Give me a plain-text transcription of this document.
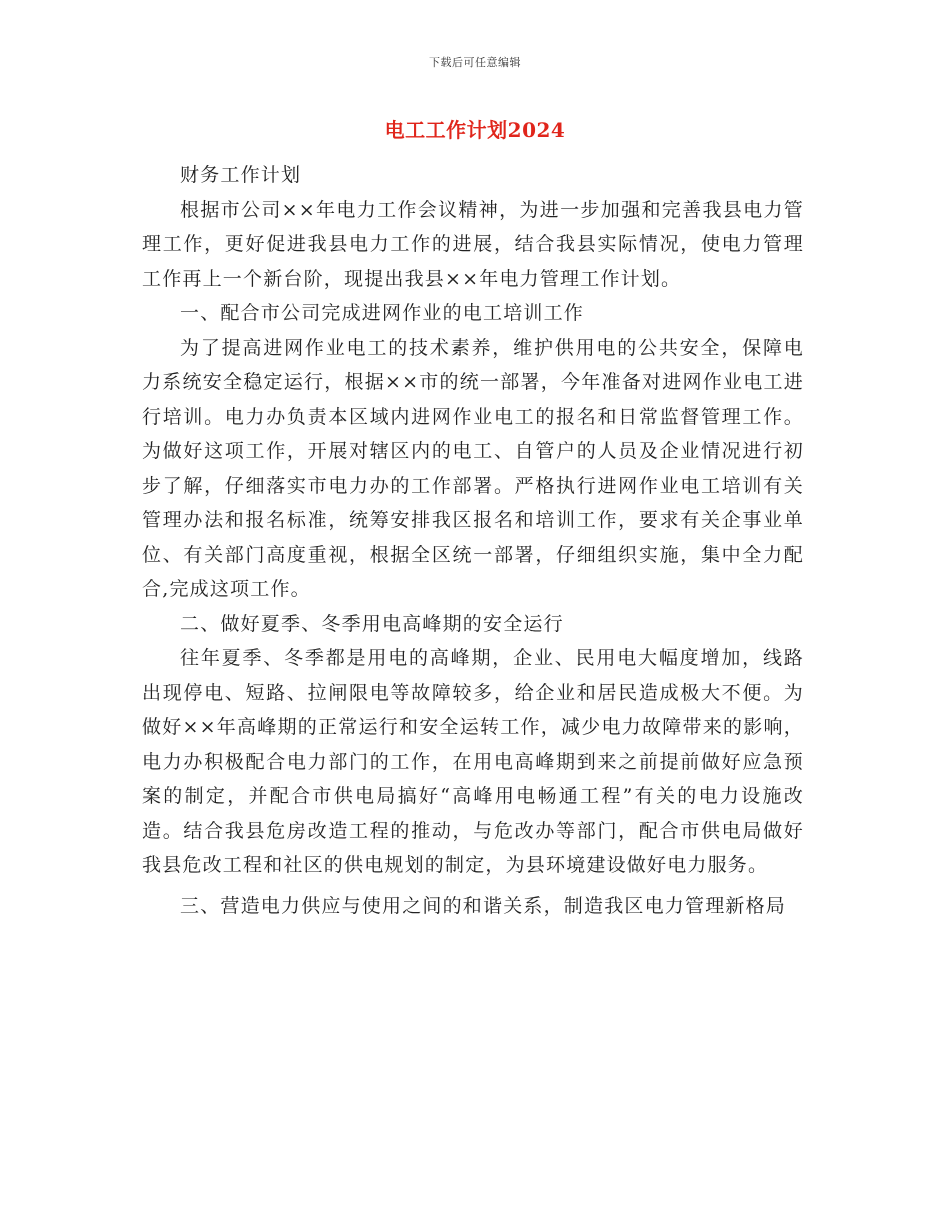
下载后可任意编辑
电工工作计划2024

财务工作计划

根据市公司××年电力工作会议精神，为进一步加强和完善我县电力管理工作，更好促进我县电力工作的进展，结合我县实际情况，使电力管理工作再上一个新台阶，现提出我县××年电力管理工作计划。

一、配合市公司完成进网作业的电工培训工作

为了提高进网作业电工的技术素养，维护供用电的公共安全，保障电力系统安全稳定运行，根据××市的统一部署，今年准备对进网作业电工进行培训。电力办负责本区域内进网作业电工的报名和日常监督管理工作。为做好这项工作，开展对辖区内的电工、自管户的人员及企业情况进行初步了解，仔细落实市电力办的工作部署。严格执行进网作业电工培训有关管理办法和报名标准，统筹安排我区报名和培训工作，要求有关企事业单位、有关部门高度重视，根据全区统一部署，仔细组织实施，集中全力配合,完成这项工作。

二、做好夏季、冬季用电高峰期的安全运行

往年夏季、冬季都是用电的高峰期，企业、民用电大幅度增加，线路出现停电、短路、拉闸限电等故障较多，给企业和居民造成极大不便。为做好××年高峰期的正常运行和安全运转工作，减少电力故障带来的影响，电力办积极配合电力部门的工作，在用电高峰期到来之前提前做好应急预案的制定，并配合市供电局搞好“高峰用电畅通工程”有关的电力设施改造。结合我县危房改造工程的推动，与危改办等部门，配合市供电局做好我县危改工程和社区的供电规划的制定，为县环境建设做好电力服务。

三、营造电力供应与使用之间的和谐关系，制造我区电力管理新格局
